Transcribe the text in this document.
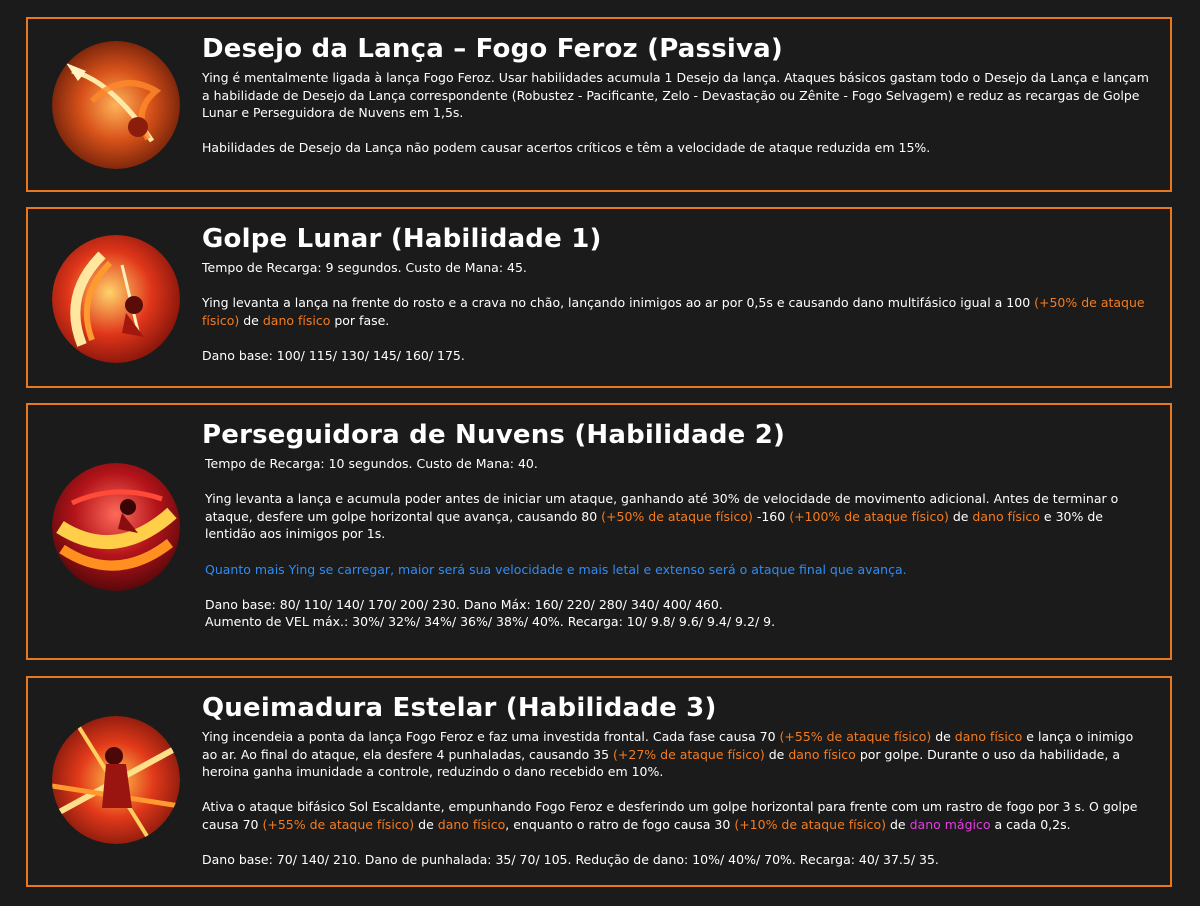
Desejo da Lança – Fogo Feroz (Passiva)

Ying é mentalmente ligada à lança Fogo Feroz. Usar habilidades acumula 1 Desejo da lança. Ataques básicos gastam todo o Desejo da Lança e lançam a habilidade de Desejo da Lança correspondente (Robustez - Pacificante, Zelo - Devastação ou Zênite - Fogo Selvagem) e reduz as recargas de Golpe Lunar e Perseguidora de Nuvens em 1,5s.

Habilidades de Desejo da Lança não podem causar acertos críticos e têm a velocidade de ataque reduzida em 15%.

Golpe Lunar (Habilidade 1)

Tempo de Recarga: 9 segundos. Custo de Mana: 45.

Ying levanta a lança na frente do rosto e a crava no chão, lançando inimigos ao ar por 0,5s e causando dano multifásico igual a 100 (+50% de ataque físico) de dano físico por fase.

Dano base: 100/ 115/ 130/ 145/ 160/ 175.

Perseguidora de Nuvens (Habilidade 2)

Tempo de Recarga: 10 segundos. Custo de Mana: 40.

Ying levanta a lança e acumula poder antes de iniciar um ataque, ganhando até 30% de velocidade de movimento adicional. Antes de terminar o ataque, desfere um golpe horizontal que avança, causando 80 (+50% de ataque físico) -160 (+100% de ataque físico) de dano físico e 30% de lentidão aos inimigos por 1s.

Quanto mais Ying se carregar, maior será sua velocidade e mais letal e extenso será o ataque final que avança.

Dano base: 80/ 110/ 140/ 170/ 200/ 230. Dano Máx: 160/ 220/ 280/ 340/ 400/ 460.

Aumento de VEL máx.: 30%/ 32%/ 34%/ 36%/ 38%/ 40%. Recarga: 10/ 9.8/ 9.6/ 9.4/ 9.2/ 9.

Queimadura Estelar (Habilidade 3)

Ying incendeia a ponta da lança Fogo Feroz e faz uma investida frontal. Cada fase causa 70 (+55% de ataque físico) de dano físico e lança o inimigo ao ar. Ao final do ataque, ela desfere 4 punhaladas, causando 35 (+27% de ataque físico) de dano físico por golpe. Durante o uso da habilidade, a heroina ganha imunidade a controle, reduzindo o dano recebido em 10%.

Ativa o ataque bifásico Sol Escaldante, empunhando Fogo Feroz e desferindo um golpe horizontal para frente com um rastro de fogo por 3 s. O golpe causa 70 (+55% de ataque físico) de dano físico, enquanto o ratro de fogo causa 30 (+10% de ataque físico) de dano mágico a cada 0,2s.

Dano base: 70/ 140/ 210. Dano de punhalada: 35/ 70/ 105. Redução de dano: 10%/ 40%/ 70%. Recarga: 40/ 37.5/ 35.
